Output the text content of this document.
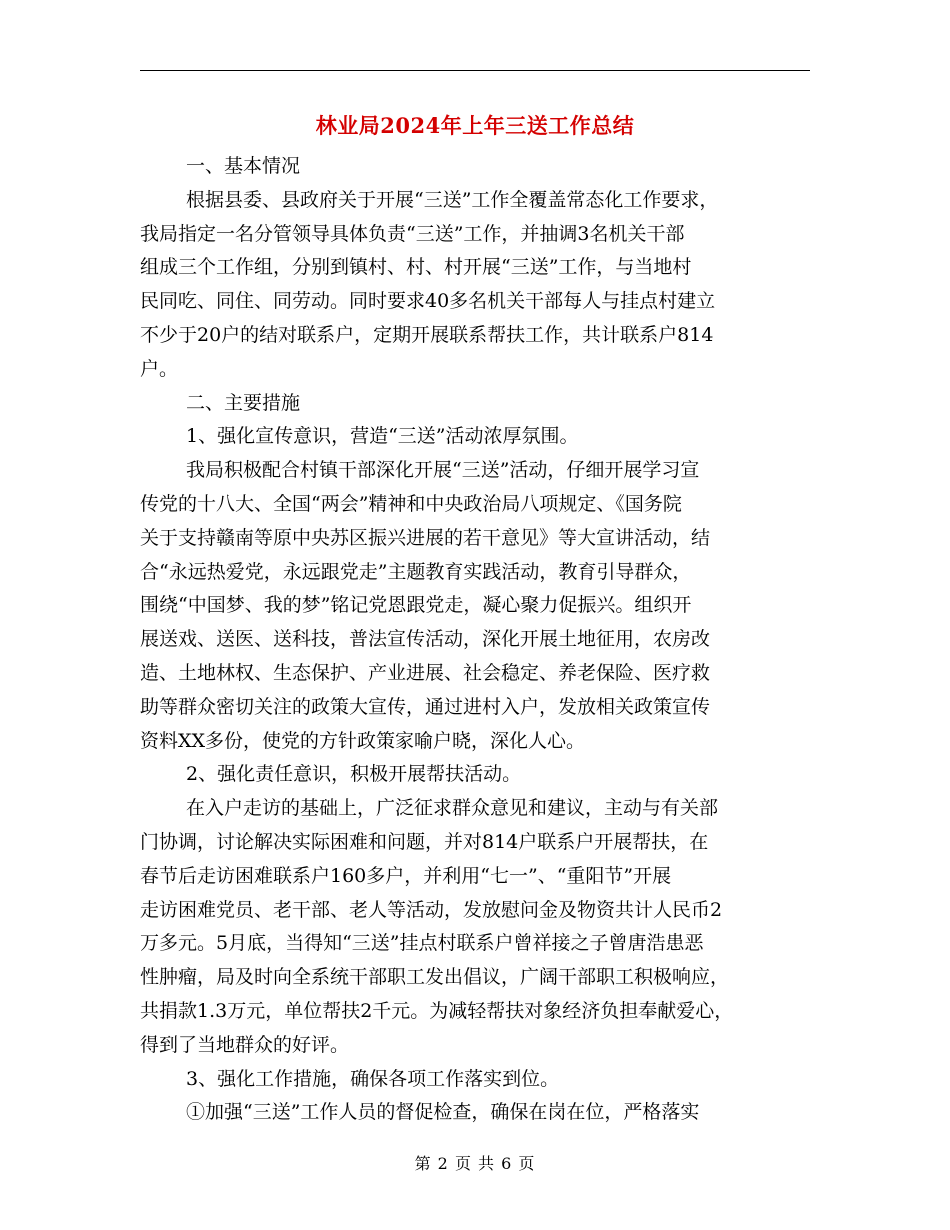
林业局2024年上年三送工作总结
一、基本情况
根据县委、县政府关于开展“三送”工作全覆盖常态化工作要求，
我局指定一名分管领导具体负责“三送”工作，并抽调3名机关干部
组成三个工作组，分别到镇村、村、村开展“三送”工作，与当地村
民同吃、同住、同劳动。同时要求40多名机关干部每人与挂点村建立
不少于20户的结对联系户，定期开展联系帮扶工作，共计联系户814
户。
二、主要措施
1、强化宣传意识，营造“三送”活动浓厚氛围。
我局积极配合村镇干部深化开展“三送”活动，仔细开展学习宣
传党的十八大、全国“两会”精神和中央政治局八项规定、《国务院
关于支持赣南等原中央苏区振兴进展的若干意见》等大宣讲活动，结
合“永远热爱党，永远跟党走”主题教育实践活动，教育引导群众，
围绕“中国梦、我的梦”铭记党恩跟党走，凝心聚力促振兴。组织开
展送戏、送医、送科技，普法宣传活动，深化开展土地征用，农房改
造、土地林权、生态保护、产业进展、社会稳定、养老保险、医疗救
助等群众密切关注的政策大宣传，通过进村入户，发放相关政策宣传
资料XX多份，使党的方针政策家喻户晓，深化人心。
2、强化责任意识，积极开展帮扶活动。
在入户走访的基础上，广泛征求群众意见和建议，主动与有关部
门协调，讨论解决实际困难和问题，并对814户联系户开展帮扶，在
春节后走访困难联系户160多户，并利用“七一”、“重阳节”开展
走访困难党员、老干部、老人等活动，发放慰问金及物资共计人民币2
万多元。5月底，当得知“三送”挂点村联系户曾祥接之子曾唐浩患恶
性肿瘤，局及时向全系统干部职工发出倡议，广阔干部职工积极响应，
共捐款1.3万元，单位帮扶2千元。为减轻帮扶对象经济负担奉献爱心，
得到了当地群众的好评。
3、强化工作措施，确保各项工作落实到位。
①加强“三送”工作人员的督促检查，确保在岗在位，严格落实
第 2 页 共 6 页
